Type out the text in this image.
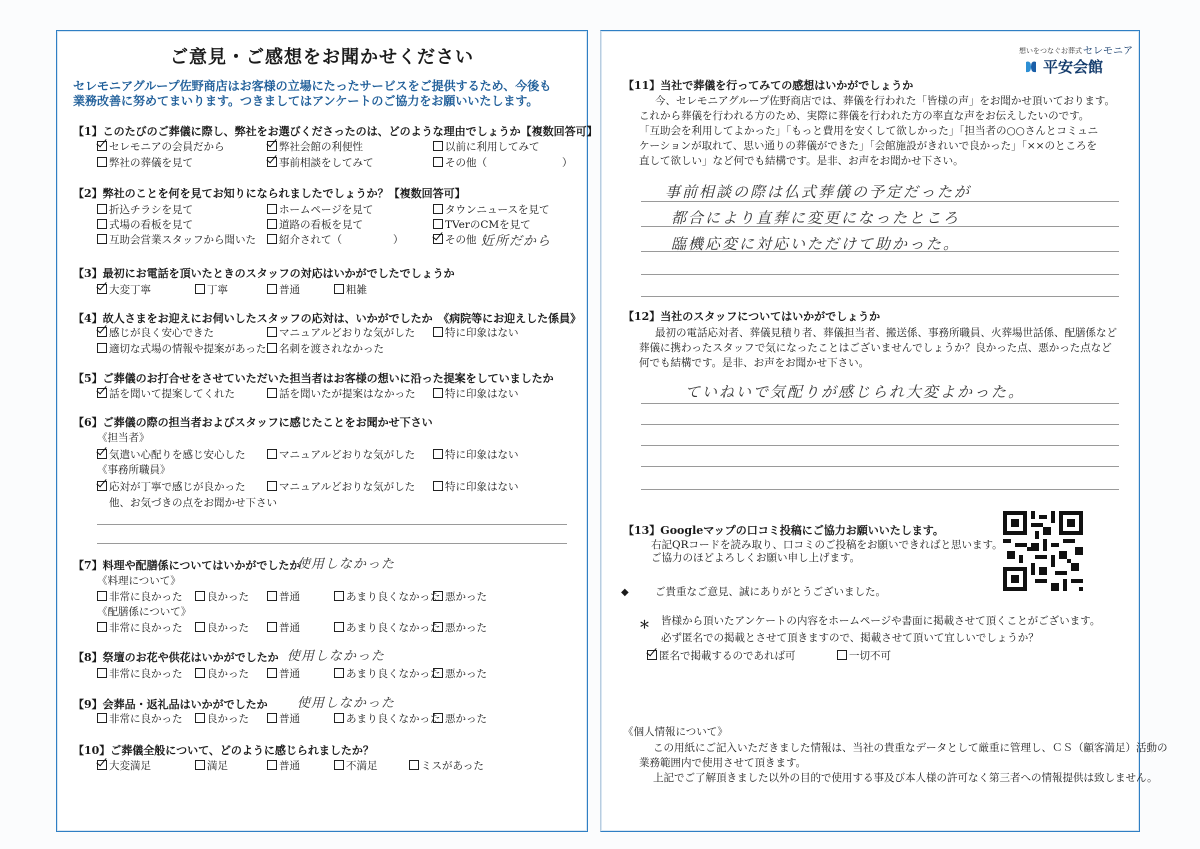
ご意見・ご感想をお聞かせください
セレモニアグループ佐野商店はお客様の立場にたったサービスをご提供するため、今後も
業務改善に努めてまいります。つきましてはアンケートのご協力をお願いいたします。
【1】このたびのご葬儀に際し、弊社をお選びくださったのは、どのような理由でしょうか【複数回答可】
セレモニアの会員だから	弊社会館の利便性	以前に利用してみて
弊社の葬儀を見て	事前相談をしてみて	その他（	）
【2】弊社のことを何を見てお知りになられましたでしょうか？【複数回答可】
折込チラシを見て	ホームページを見て	タウンニュースを見て
式場の看板を見て	道路の看板を見て	TVerのCMを見て
互助会営業スタッフから聞いた	紹介されて（	）	その他（
近所だから
【3】最初にお電話を頂いたときのスタッフの対応はいかがでしたでしょうか
大変丁寧	丁寧	普通	粗雑
【4】故人さまをお迎えにお伺いしたスタッフの応対は、いかがでしたか　《病院等にお迎えした係員》
感じが良く安心できた	マニュアルどおりな気がした	特に印象はない
適切な式場の情報や提案があった	名刺を渡されなかった
【5】ご葬儀のお打合せをさせていただいた担当者はお客様の想いに沿った提案をしていましたか
話を聞いて提案してくれた	話を聞いたが提案はなかった	特に印象はない
【6】ご葬儀の際の担当者およびスタッフに感じたことをお聞かせ下さい
《担当者》
気遣い心配りを感じ安心した	マニュアルどおりな気がした	特に印象はない
《事務所職員》
応対が丁寧で感じが良かった	マニュアルどおりな気がした	特に印象はない
他、お気づきの点をお聞かせ下さい
【7】料理や配膳係についてはいかがでしたか
使用しなかった
《料理について》
非常に良かった	良かった	普通	あまり良くなかった 悪かった
《配膳係について》
非常に良かった	良かった	普通	あまり良くなかった 悪かった
【8】祭壇のお花や供花はいかがでしたか 使用しなかった
非常に良かった	良かった	普通	あまり良くなかった 悪かった
【9】会葬品・返礼品はいかがでしたか 使用しなかった
非常に良かった	良かった	普通	あまり良くなかった 悪かった
【10】ご葬儀全般について、どのように感じられましたか？
大変満足	満足	普通	不満足	ミスがあった
想いをつなぐお葬式 セレモニア
平安会館
【11】当社で葬儀を行ってみての感想はいかがでしょうか
今、セレモニアグループ佐野商店では、葬儀を行われた「皆様の声」をお聞かせ頂いております。
これから葬儀を行われる方のため、実際に葬儀を行われた方の率直な声をお伝えしたいのです。
「互助会を利用してよかった」「もっと費用を安くして欲しかった」「担当者の○○さんとコミュニ
ケーションが取れて、思い通りの葬儀ができた」「会館施設がきれいで良かった」「××のところを
直して欲しい」など何でも結構です。是非、お声をお聞かせ下さい。
事前相談の際は仏式葬儀の予定だったが
都合により直葬に変更になったところ
臨機応変に対応いただけて助かった。
【12】当社のスタッフについてはいかがでしょうか
最初の電話応対者、葬儀見積り者、葬儀担当者、搬送係、事務所職員、火葬場世話係、配膳係など
葬儀に携わったスタッフで気になったことはございませんでしょうか？良かった点、悪かった点など
何でも結構です。是非、お声をお聞かせ下さい。
ていねいで気配りが感じられ大変よかった。
【13】Googleマップの口コミ投稿にご協力お願いいたします。
右記QRコードを読み取り、口コミのご投稿をお願いできればと思います。
ご協力のほどよろしくお願い申し上げます。
◆	ご貴重なご意見、誠にありがとうございました。
＊ 皆様から頂いたアンケートの内容をホームページや書面に掲載させて頂くことがございます。
必ず匿名での掲載とさせて頂きますので、掲載させて頂いて宜しいでしょうか？
匿名で掲載するのであれば可	一切不可
《個人情報について》
この用紙にご記入いただきました情報は、当社の貴重なデータとして厳重に管理し、ＣＳ（顧客満足）活動の
業務範囲内で使用させて頂きます。
上記でご了解頂きました以外の目的で使用する事及び本人様の許可なく第三者への情報提供は致しません。
